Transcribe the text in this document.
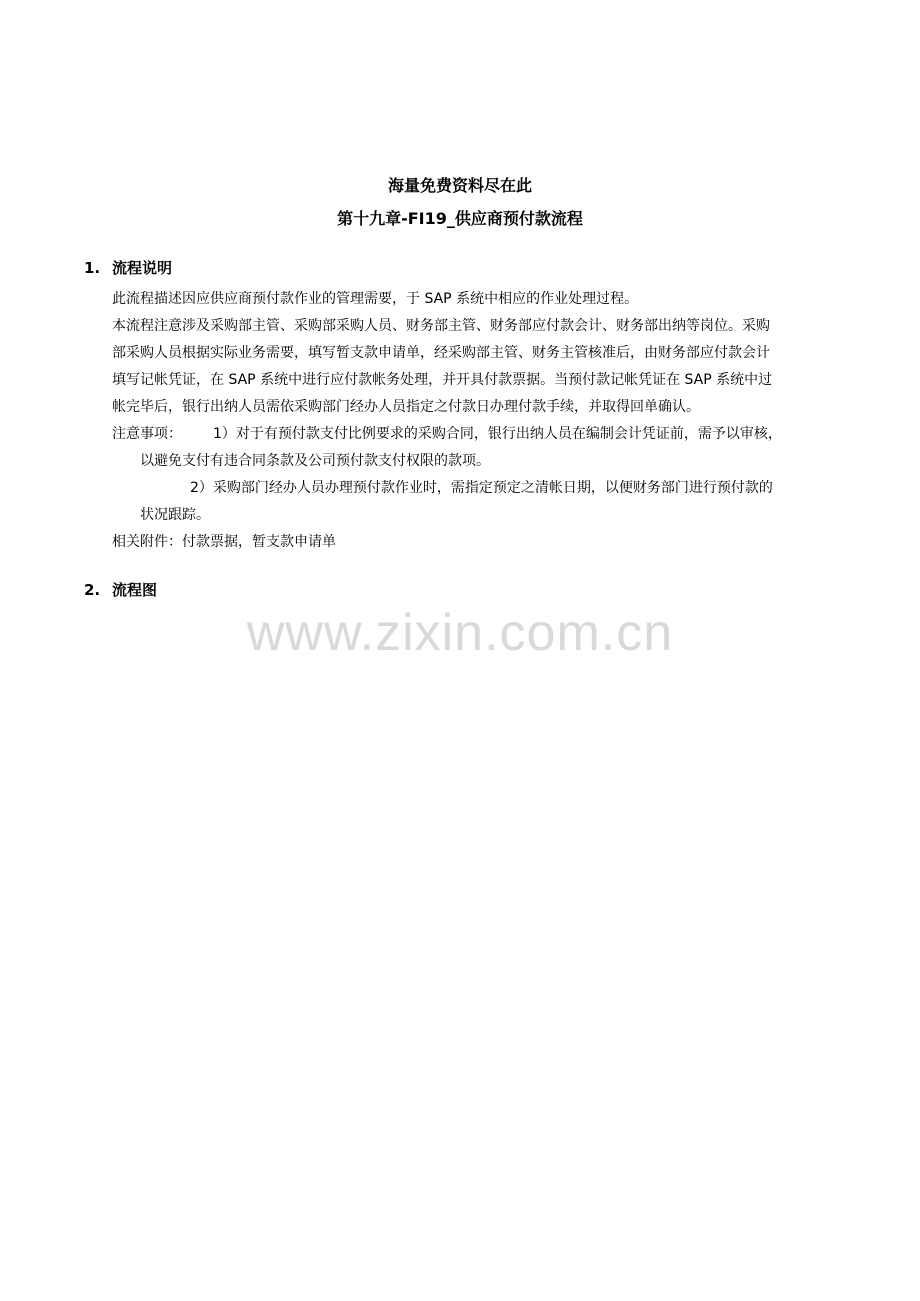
海量免费资料尽在此
第十九章-FI19_供应商预付款流程
1. 流程说明
此流程描述因应供应商预付款作业的管理需要，于 SAP 系统中相应的作业处理过程。
本流程注意涉及采购部主管、采购部采购人员、财务部主管、财务部应付款会计、财务部出纳等岗位。采购
部采购人员根据实际业务需要，填写暂支款申请单，经采购部主管、财务主管核准后，由财务部应付款会计
填写记帐凭证，在 SAP 系统中进行应付款帐务处理，并开具付款票据。当预付款记帐凭证在 SAP 系统中过
帐完毕后，银行出纳人员需依采购部门经办人员指定之付款日办理付款手续，并取得回单确认。
注意事项： 1）对于有预付款支付比例要求的采购合同，银行出纳人员在编制会计凭证前，需予以审核，
以避免支付有违合同条款及公司预付款支付权限的款项。
2）采购部门经办人员办理预付款作业时，需指定预定之清帐日期，以便财务部门进行预付款的
状况跟踪。
相关附件：付款票据，暂支款申请单
2. 流程图
www.zixin.com.cn
